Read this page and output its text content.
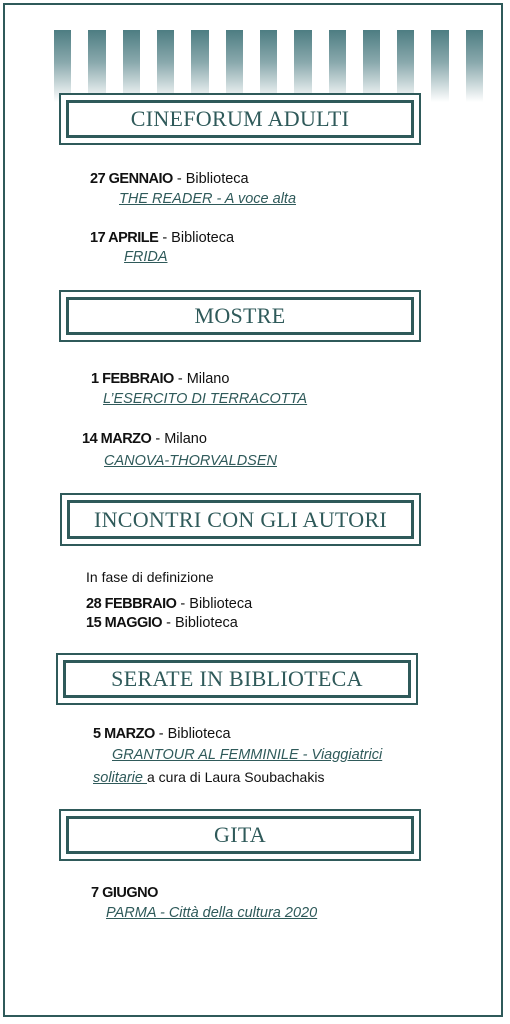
CINEFORUM ADULTI
27 GENNAIO - Biblioteca
THE READER - A voce alta
17 APRILE - Biblioteca
FRIDA
MOSTRE
1 FEBBRAIO - Milano
L’ESERCITO DI TERRACOTTA
14 MARZO - Milano
CANOVA-THORVALDSEN
INCONTRI CON GLI AUTORI
In fase di definizione
28 FEBBRAIO - Biblioteca
15 MAGGIO - Biblioteca
SERATE IN BIBLIOTECA
5 MARZO - Biblioteca
GRANTOUR AL FEMMINILE - Viaggiatrici
solitarie a cura di Laura Soubachakis
GITA
7 GIUGNO
PARMA - Città della cultura 2020
